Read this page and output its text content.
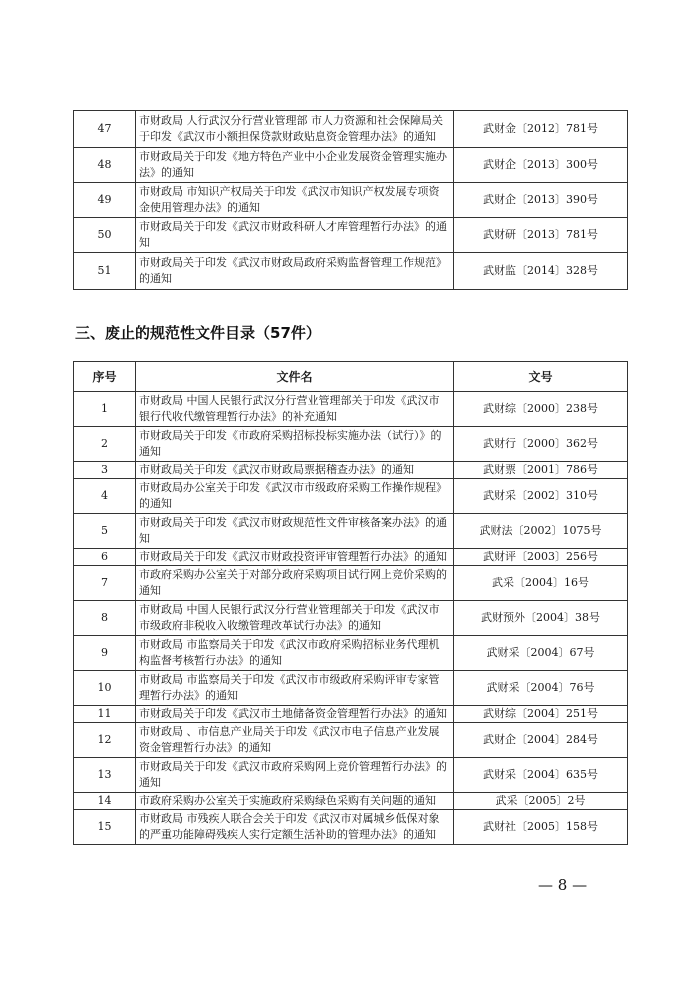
47	市财政局 人行武汉分行营业管理部 市人力资源和社会保障局关于印发《武汉市小额担保贷款财政贴息资金管理办法》的通知	武财金〔2012〕781号
48	市财政局关于印发《地方特色产业中小企业发展资金管理实施办法》的通知	武财企〔2013〕300号
49	市财政局 市知识产权局关于印发《武汉市知识产权发展专项资金使用管理办法》的通知	武财企〔2013〕390号
50	市财政局关于印发《武汉市财政科研人才库管理暂行办法》的通知	武财研〔2013〕781号
51	市财政局关于印发《武汉市财政局政府采购监督管理工作规范》的通知	武财监〔2014〕328号
三、废止的规范性文件目录（57件）
序号	文件名	文号
1	市财政局 中国人民银行武汉分行营业管理部关于印发《武汉市银行代收代缴管理暂行办法》的补充通知	武财综〔2000〕238号
2	市财政局关于印发《市政府采购招标投标实施办法（试行）》的通知	武财行〔2000〕362号
3	市财政局关于印发《武汉市财政局票据稽查办法》的通知	武财票〔2001〕786号
4	市财政局办公室关于印发《武汉市市级政府采购工作操作规程》的通知	武财采〔2002〕310号
5	市财政局关于印发《武汉市财政规范性文件审核备案办法》的通知	武财法〔2002〕1075号
6	市财政局关于印发《武汉市财政投资评审管理暂行办法》的通知	武财评〔2003〕256号
7	市政府采购办公室关于对部分政府采购项目试行网上竞价采购的通知	武采〔2004〕16号
8	市财政局 中国人民银行武汉分行营业管理部关于印发《武汉市市级政府非税收入收缴管理改革试行办法》的通知	武财预外〔2004〕38号
9	市财政局 市监察局关于印发《武汉市政府采购招标业务代理机构监督考核暂行办法》的通知	武财采〔2004〕67号
10	市财政局 市监察局关于印发《武汉市市级政府采购评审专家管理暂行办法》的通知	武财采〔2004〕76号
11	市财政局关于印发《武汉市土地储备资金管理暂行办法》的通知	武财综〔2004〕251号
12	市财政局 、市信息产业局关于印发《武汉市电子信息产业发展资金管理暂行办法》的通知	武财企〔2004〕284号
13	市财政局关于印发《武汉市政府采购网上竞价管理暂行办法》的通知	武财采〔2004〕635号
14	市政府采购办公室关于实施政府采购绿色采购有关问题的通知	武采〔2005〕2号
15	市财政局 市残疾人联合会关于印发《武汉市对属城乡低保对象的严重功能障碍残疾人实行定额生活补助的管理办法》的通知	武财社〔2005〕158号
— 8 —
